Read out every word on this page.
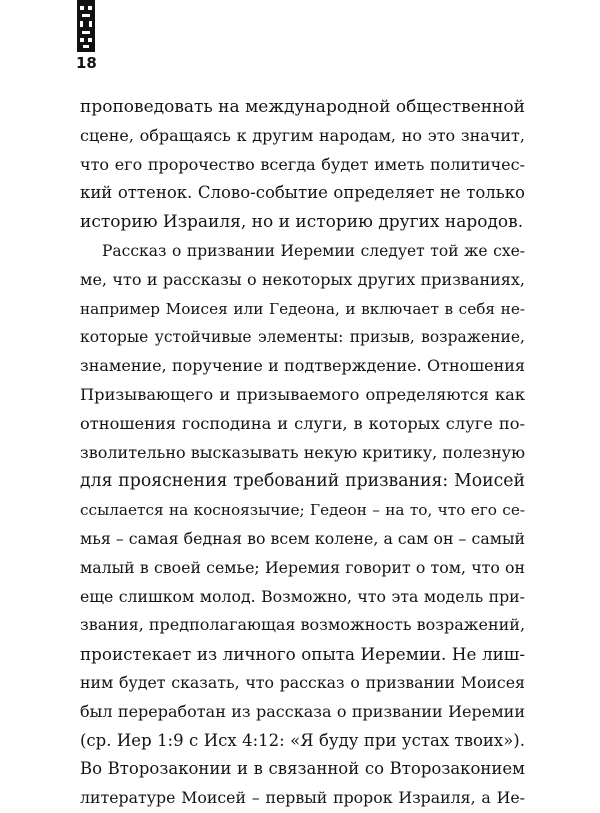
18
проповедовать на международной общественной
сцене, обращаясь к другим народам, но это значит,
что его пророчество всегда будет иметь политичес-
кий оттенок. Слово-событие определяет не только
историю Израиля, но и историю других народов.
Рассказ о призвании Иеремии следует той же схе-
ме, что и рассказы о некоторых других призваниях,
например Моисея или Гедеона, и включает в себя не-
которые устойчивые элементы: призыв, возражение,
знамение, поручение и подтверждение. Отношения
Призывающего и призываемого определяются как
отношения господина и слуги, в которых слуге по-
зволительно высказывать некую критику, полезную
для прояснения требований призвания: Моисей
ссылается на косноязычие; Гедеон – на то, что его се-
мья – самая бедная во всем колене, а сам он – самый
малый в своей семье; Иеремия говорит о том, что он
еще слишком молод. Возможно, что эта модель при-
звания, предполагающая возможность возражений,
проистекает из личного опыта Иеремии. Не лиш-
ним будет сказать, что рассказ о призвании Моисея
был переработан из рассказа о призвании Иеремии
(ср. Иер 1:9 с Исх 4:12: «Я буду при устах твоих»).
Во Второзаконии и в связанной со Второзаконием
литературе Моисей – первый пророк Израиля, а Ие-
